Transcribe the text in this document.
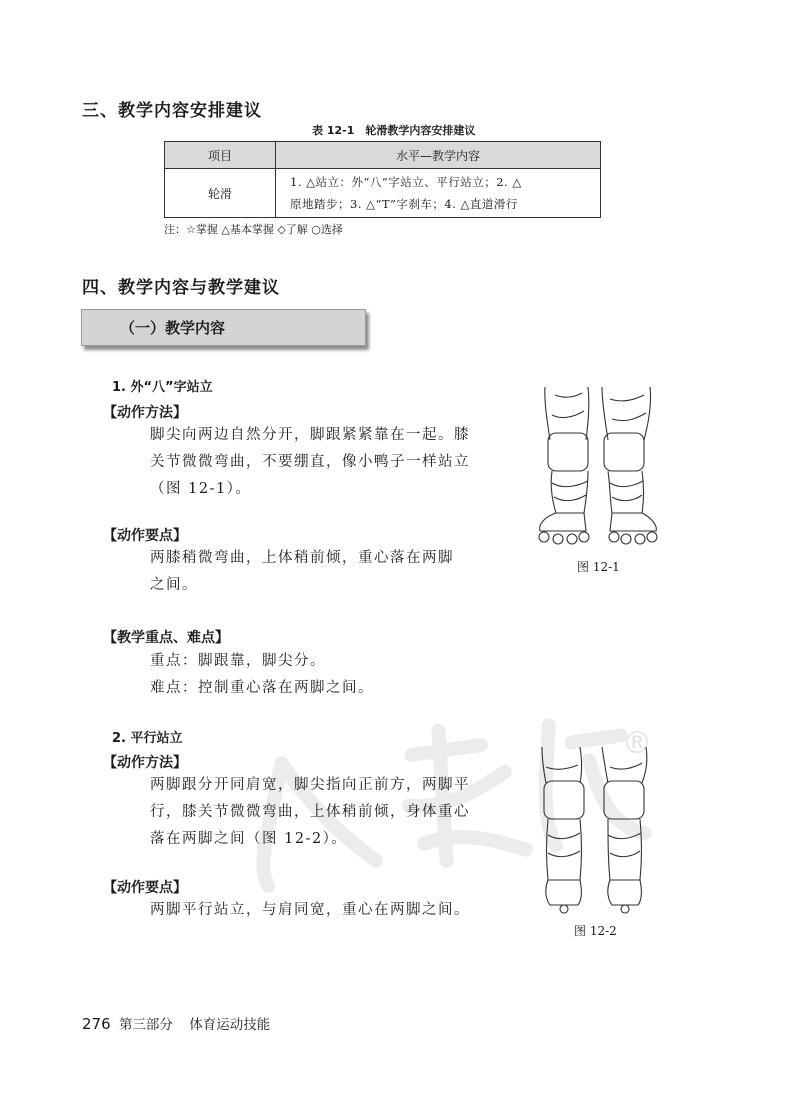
三、教学内容安排建议
表 12-1　轮滑教学内容安排建议
项目	水平—教学内容
轮滑	1. △站立：外“八”字站立、平行站立；2. △
原地踏步；3. △“T”字刹车；4. △直道滑行
注：☆掌握 △基本掌握 ◇了解 ○选择
四、教学内容与教学建议
（一）教学内容
1. 外“八”字站立
【动作方法】
脚尖向两边自然分开，脚跟紧紧靠在一起。膝
关节微微弯曲，不要绷直，像小鸭子一样站立
（图 12-1）。
【动作要点】
两膝稍微弯曲，上体稍前倾，重心落在两脚
之间。
【教学重点、难点】
重点：脚跟靠，脚尖分。
难点：控制重心落在两脚之间。
图 12-1
®
2. 平行站立
【动作方法】
两脚跟分开同肩宽，脚尖指向正前方，两脚平
行，膝关节微微弯曲，上体稍前倾，身体重心
落在两脚之间（图 12-2）。
【动作要点】
两脚平行站立，与肩同宽，重心在两脚之间。
图 12-2
276 第三部分 体育运动技能
